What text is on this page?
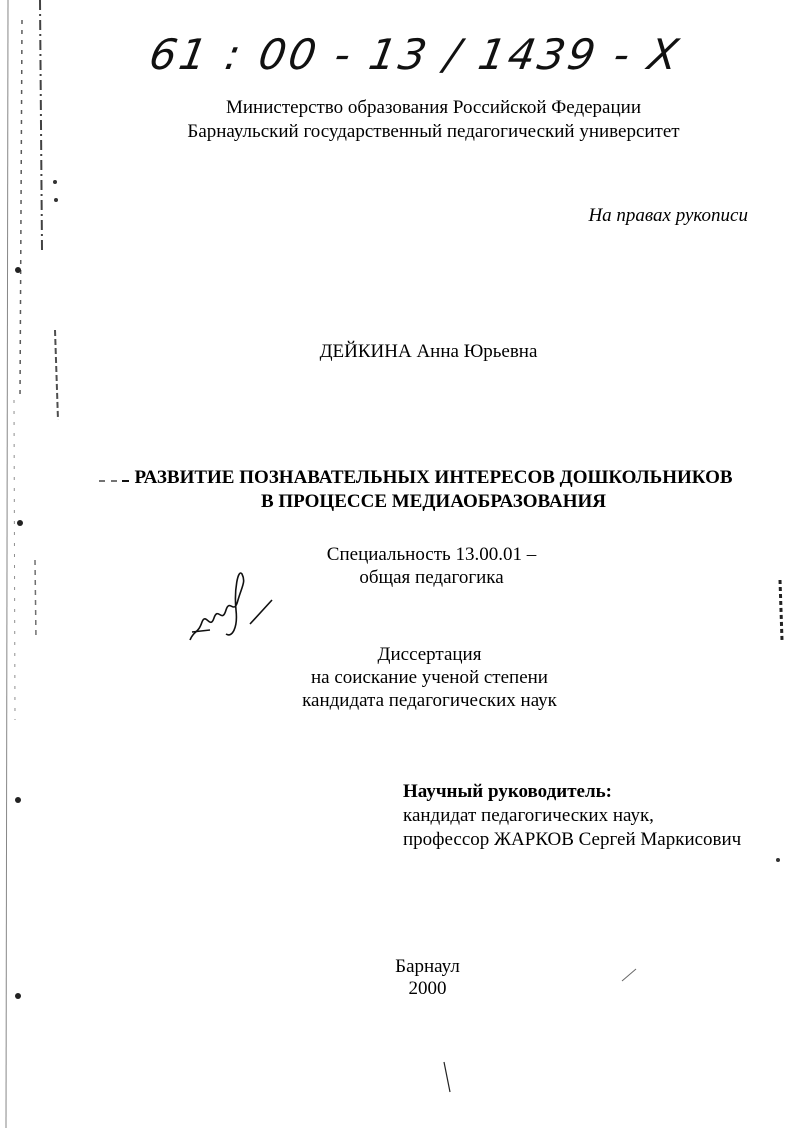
61 : 00 - 13 / 1439 - X
Министерство образования Российской Федерации
Барнаульский государственный педагогический университет
На правах рукописи
ДЕЙКИНА Анна Юрьевна
РАЗВИТИЕ ПОЗНАВАТЕЛЬНЫХ ИНТЕРЕСОВ ДОШКОЛЬНИКОВ
В ПРОЦЕССЕ МЕДИАОБРАЗОВАНИЯ
Специальность 13.00.01 –
общая педагогика
Диссертация
на соискание ученой степени
кандидата педагогических наук
Научный руководитель:
кандидат педагогических наук,
профессор ЖАРКОВ Сергей Маркисович
Барнаул
2000
